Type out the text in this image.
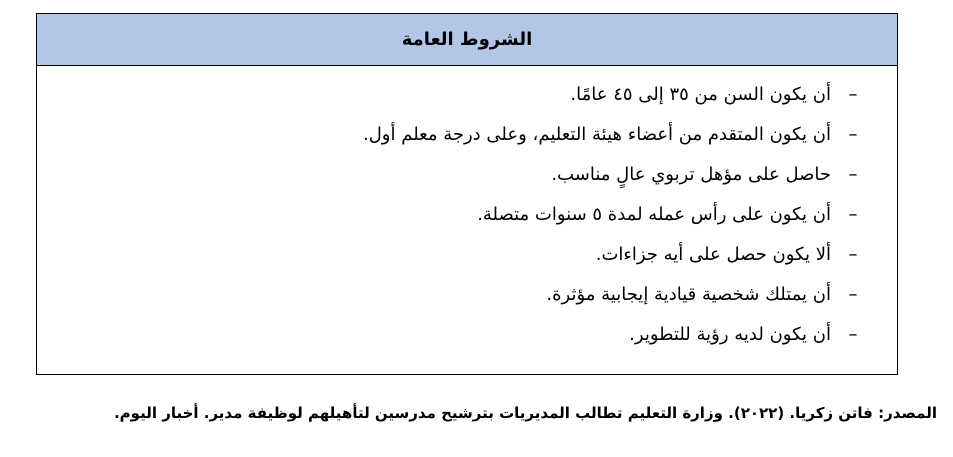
الشروط العامة
–
أن يكون السن من ٣٥ إلى ٤٥ عامًا.
–
أن يكون المتقدم من أعضاء هيئة التعليم، وعلى درجة معلم أول.
–
حاصل على مؤهل تربوي عالٍ مناسب.
–
أن يكون على رأس عمله لمدة ٥ سنوات متصلة.
–
ألا يكون حصل على أيه جزاءات.
–
أن يمتلك شخصية قيادية إيجابية مؤثرة.
–
أن يكون لديه رؤية للتطوير.
المصدر: فاتن زكريا. (٢٠٢٢). وزارة التعليم تطالب المديريات بترشيح مدرسين لتأهيلهم لوظيفة مدير. أخبار اليوم.
